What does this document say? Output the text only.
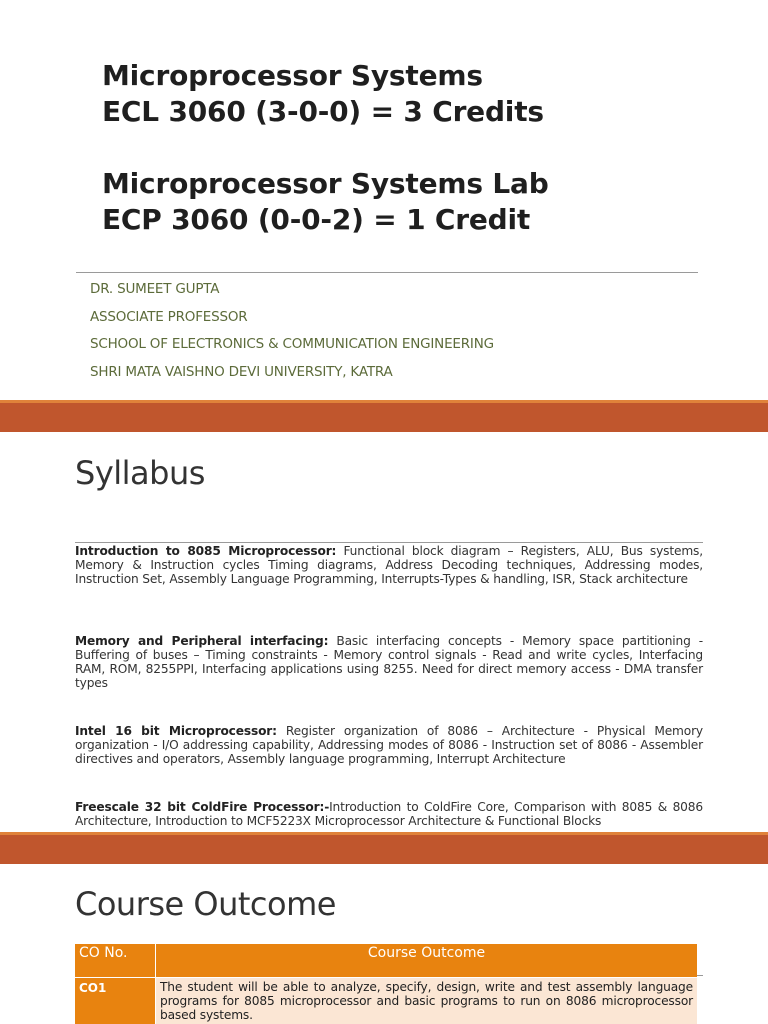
Microprocessor Systems
ECL 3060 (3-0-0) = 3 Credits
Microprocessor Systems Lab
ECP 3060 (0-0-2) = 1 Credit
DR. SUMEET GUPTA
ASSOCIATE PROFESSOR
SCHOOL OF ELECTRONICS & COMMUNICATION ENGINEERING
SHRI MATA VAISHNO DEVI UNIVERSITY, KATRA
Syllabus
Introduction to 8085 Microprocessor: Functional block diagram – Registers, ALU, Bus systems, Memory & Instruction cycles Timing diagrams, Address Decoding techniques, Addressing modes, Instruction Set, Assembly Language Programming, Interrupts-Types & handling, ISR, Stack architecture
Memory and Peripheral interfacing: Basic interfacing concepts - Memory space partitioning - Buffering of buses – Timing constraints - Memory control signals - Read and write cycles, Interfacing RAM, ROM, 8255PPI, Interfacing applications using 8255. Need for direct memory access - DMA transfer types
Intel 16 bit Microprocessor: Register organization of 8086 – Architecture - Physical Memory organization - I/O addressing capability, Addressing modes of 8086 - Instruction set of 8086 - Assembler directives and operators, Assembly language programming, Interrupt Architecture
Freescale 32 bit ColdFire Processor:-Introduction to ColdFire Core, Comparison with 8085 & 8086 Architecture, Introduction to MCF5223X Microprocessor Architecture & Functional Blocks
Course Outcome
CO No.	Course Outcome
CO1	The student will be able to analyze, specify, design, write and test assembly language programs for 8085 microprocessor and basic programs to run on 8086 microprocessor based systems.
